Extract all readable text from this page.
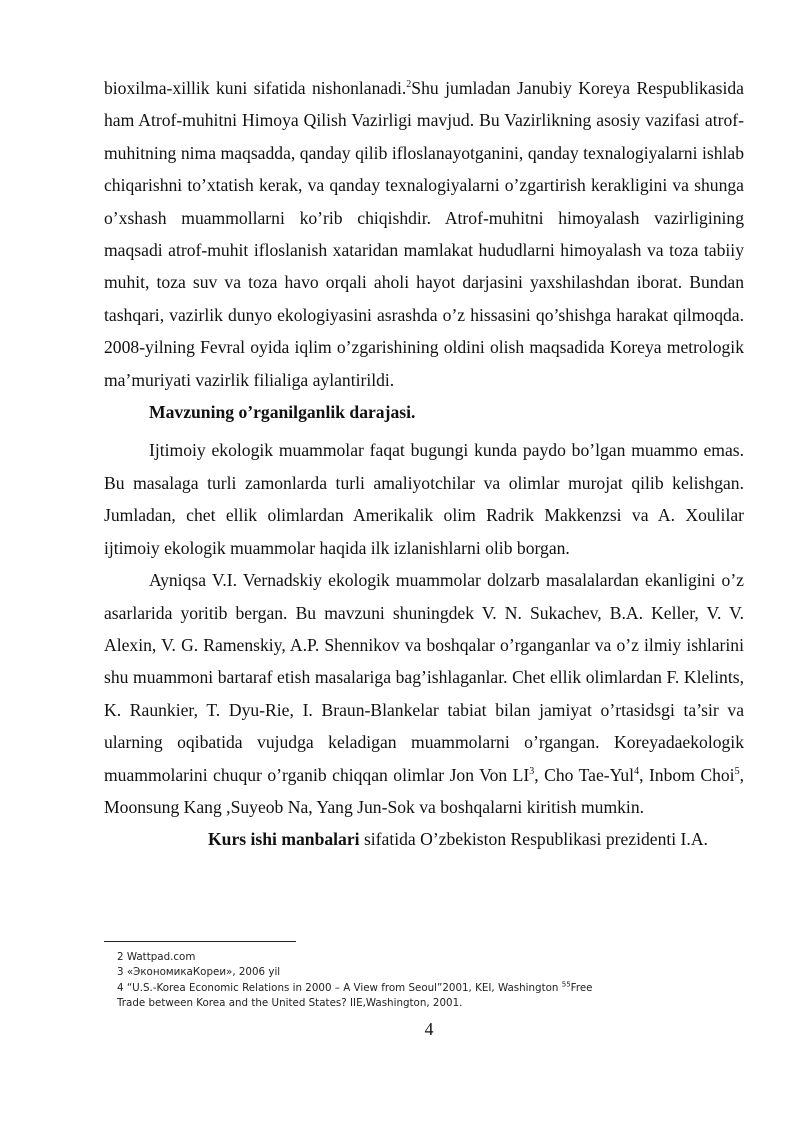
bioxilma-xillik kuni sifatida nishonlanadi.$^2$Shu jumladan Janubiy Koreya Respublikasida ham Atrof-muhitni Himoya Qilish Vazirligi mavjud. Bu Vazirlikning asosiy vazifasi atrof-muhitning nima maqsadda, qanday qilib ifloslanayotganini, qanday texnalogiyalarni ishlab chiqarishni to’xtatish kerak, va qanday texnalogiyalarni o’zgartirish kerakligini va shunga o’xshash muammollarni ko’rib chiqishdir. Atrof-muhitni himoyalash vazirligining maqsadi atrof-muhit ifloslanish xataridan mamlakat hududlarni himoyalash va toza tabiiy muhit, toza suv va toza havo orqali aholi hayot darjasini yaxshilashdan iborat. Bundan tashqari, vazirlik dunyo ekologiyasini asrashda o’z hissasini qo’shishga harakat qilmoqda. 2008-yilning Fevral oyida iqlim o’zgarishining oldini olish maqsadida Koreya metrologik ma’muriyati vazirlik filialiga aylantirildi.

Mavzuning o’rganilganlik darajasi.

Ijtimoiy ekologik muammolar faqat bugungi kunda paydo bo’lgan muammo emas. Bu masalaga turli zamonlarda turli amaliyotchilar va olimlar murojat qilib kelishgan. Jumladan, chet ellik olimlardan Amerikalik olim Radrik Makkenzsi va A. Xoulilar ijtimoiy ekologik muammolar haqida ilk izlanishlarni olib borgan.

Ayniqsa V.I. Vernadskiy ekologik muammolar dolzarb masalalardan ekanligini o’z asarlarida yoritib bergan. Bu mavzuni shuningdek V. N. Sukachev, B.A. Keller, V. V. Alexin, V. G. Ramenskiy, A.P. Shennikov va boshqalar o’rganganlar va o’z ilmiy ishlarini shu muammoni bartaraf etish masalariga bag’ishlaganlar. Chet ellik olimlardan F. Klelints, K. Raunkier, T. Dyu-Rie, I. Braun-Blankelar tabiat bilan jamiyat o’rtasidsgi ta’sir va ularning oqibatida vujudga keladigan muammolarni o’rgangan. Koreyadaekologik muammolarini chuqur o’rganib chiqqan olimlar Jon Von $LI^3$, Cho Tae-Yul$^4$, Inbom Choi$^5$, Moonsung Kang ,Suyeob Na, Yang Jun-Sok va boshqalarni kiritish mumkin.

Kurs ishi manbalari sifatida O’zbekiston Respublikasi prezidenti I.A.

2 Wattpad.com
3 «ЭкономикаКореи», 2006 yil
4 “U.S.-Korea Economic Relations in 2000 – A View from Seoul”2001, KEI, Washington $^{55}$Free
Trade between Korea and the United States? IIE,Washington, 2001.
4
